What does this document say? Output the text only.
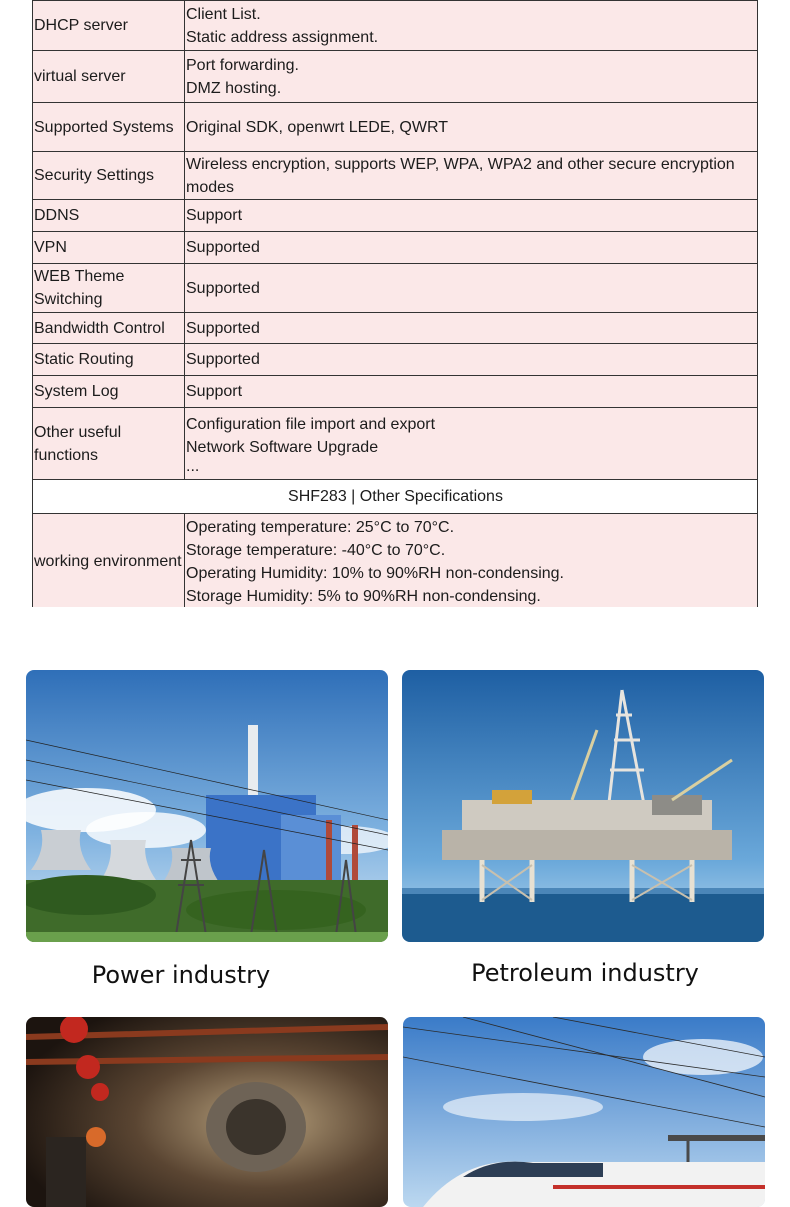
DHCP server	Client List.
Static address assignment.

virtual server	Port forwarding.
DMZ hosting.

Supported Systems	Original SDK, openwrt LEDE, QWRT

Security Settings	Wireless encryption, supports WEP, WPA, WPA2 and other secure encryption modes
DDNS	Support
VPN	Supported
WEB Theme Switching	Supported
Bandwidth Control	Supported
Static Routing	Supported
System Log	Support
Other useful functions	Configuration file import and export
Network Software Upgrade
...

SHF283 | Other Specifications	
working environment	Operating temperature: 25°C to 70°C.
Storage temperature: -40°C to 70°C.
Operating Humidity: 10% to 90%RH non-condensing.
Storage Humidity: 5% to 90%RH non-condensing.
Power industry	Petroleum industry
